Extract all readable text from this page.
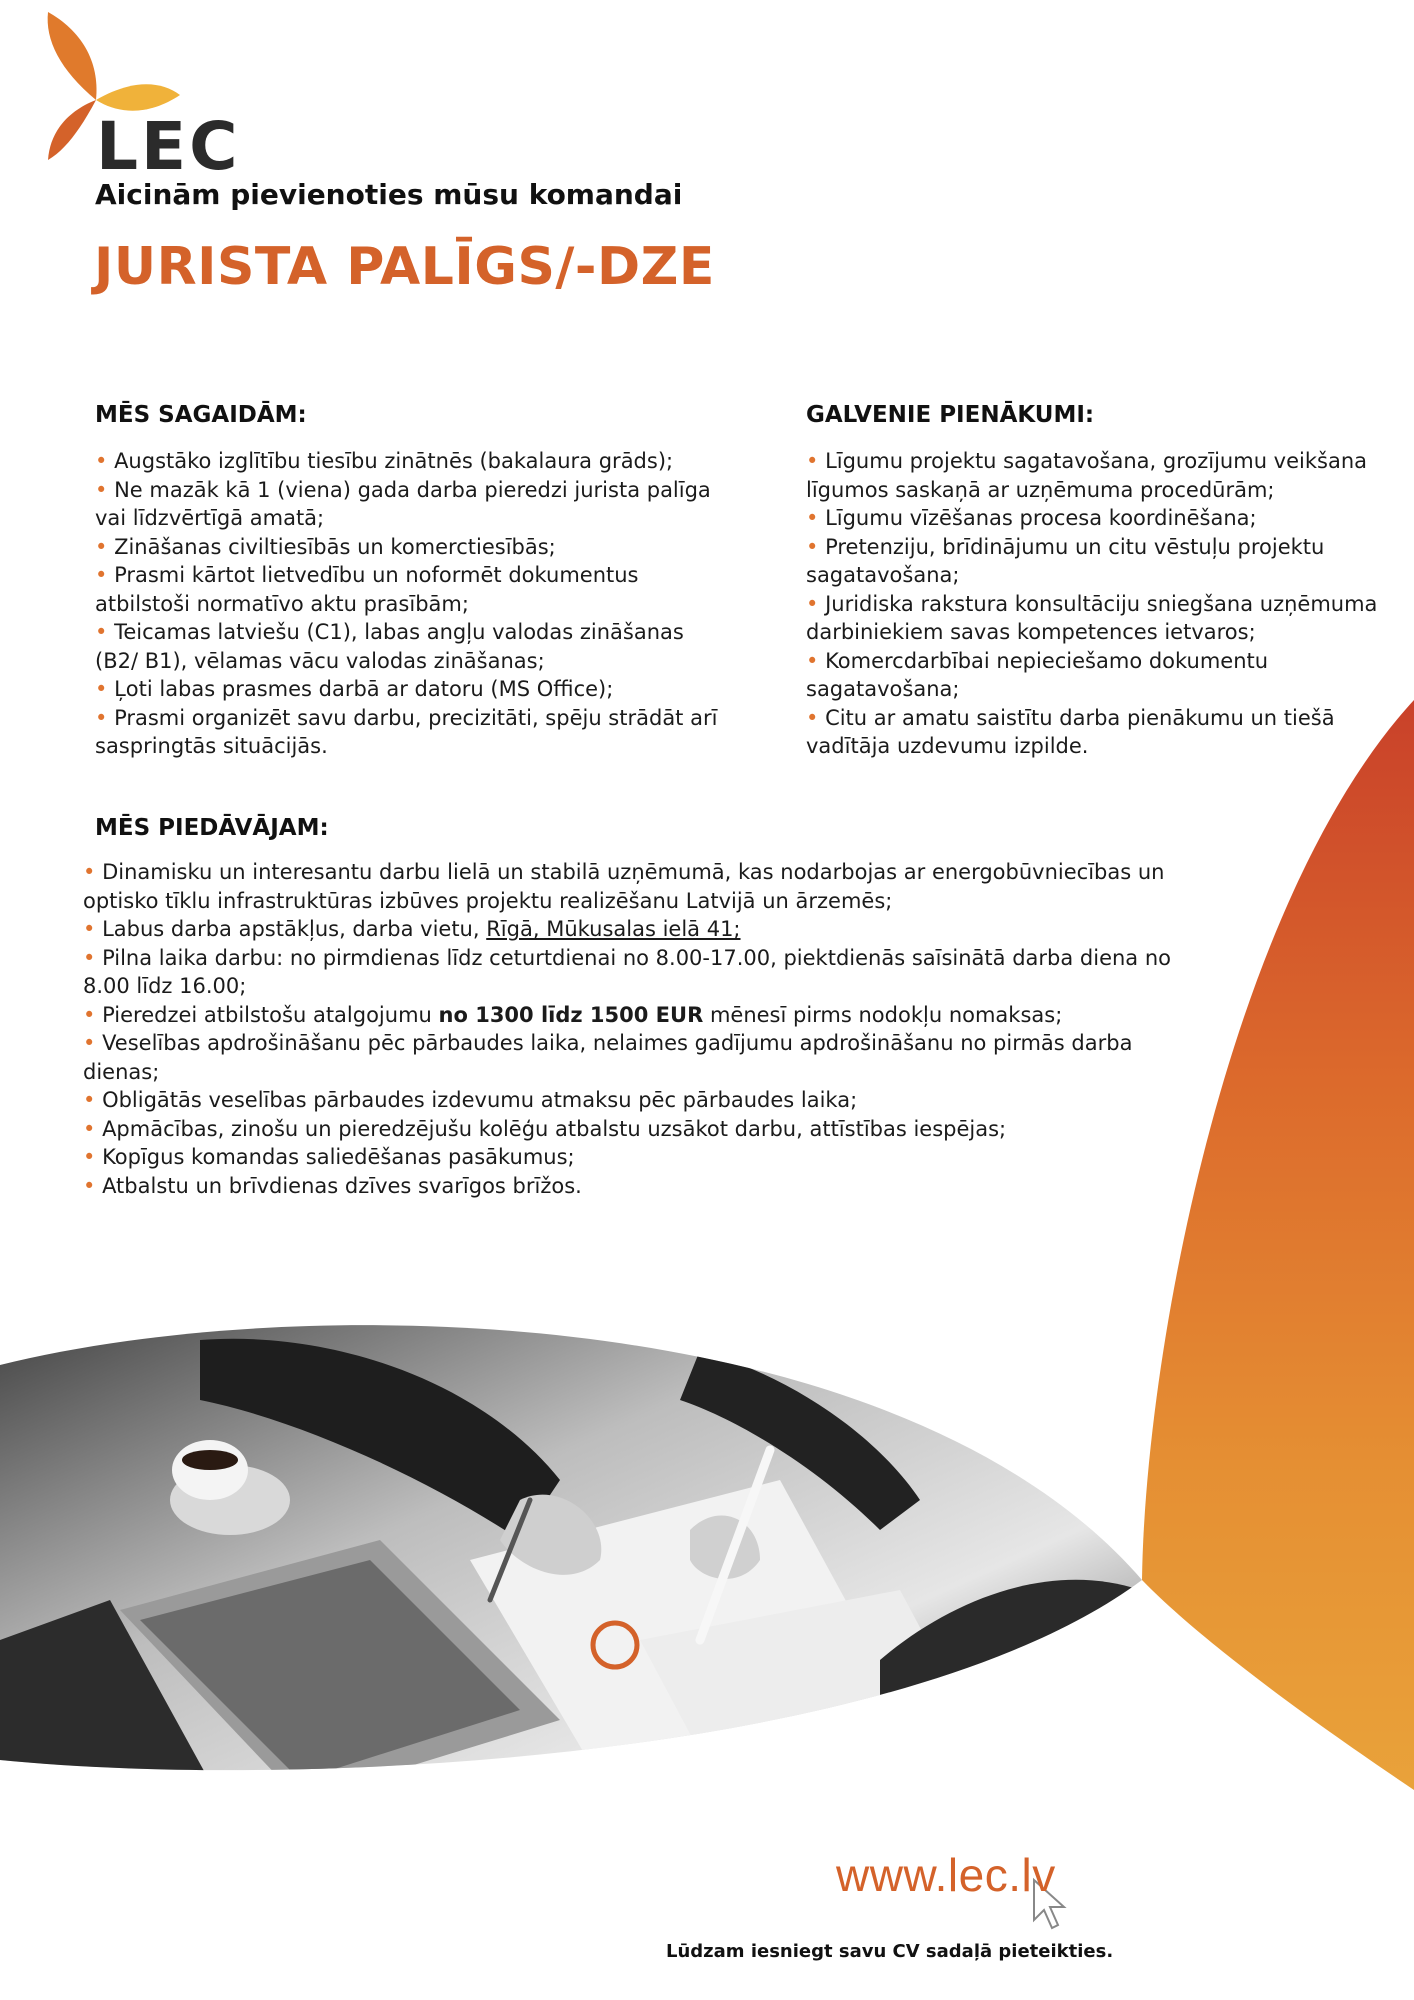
LEC
Aicinām pievienoties mūsu komandai
JURISTA PALĪGS/-DZE
MĒS SAGAIDĀM:
• Augstāko izglītību tiesību zinātnēs (bakalaura grāds);
• Ne mazāk kā 1 (viena) gada darba pieredzi jurista palīga vai līdzvērtīgā amatā;
• Zināšanas civiltiesībās un komerctiesībās;
• Prasmi kārtot lietvedību un noformēt dokumentus atbilstoši normatīvo aktu prasībām;
• Teicamas latviešu (C1), labas angļu valodas zināšanas (B2/ B1), vēlamas vācu valodas zināšanas;
• Ļoti labas prasmes darbā ar datoru (MS Office);
• Prasmi organizēt savu darbu, precizitāti, spēju strādāt arī saspringtās situācijās.
GALVENIE PIENĀKUMI:
• Līgumu projektu sagatavošana, grozījumu veikšana līgumos saskaņā ar uzņēmuma procedūrām;
• Līgumu vīzēšanas procesa koordinēšana;
• Pretenziju, brīdinājumu un citu vēstuļu projektu sagatavošana;
• Juridiska rakstura konsultāciju sniegšana uzņēmuma darbiniekiem savas kompetences ietvaros;
• Komercdarbībai nepieciešamo dokumentu sagatavošana;
• Citu ar amatu saistītu darba pienākumu un tiešā vadītāja uzdevumu izpilde.
MĒS PIEDĀVĀJAM:
• Dinamisku un interesantu darbu lielā un stabilā uzņēmumā, kas nodarbojas ar energobūvniecības un optisko tīklu infrastruktūras izbūves projektu realizēšanu Latvijā un ārzemēs;
• Labus darba apstākļus, darba vietu, Rīgā, Mūkusalas ielā 41;
• Pilna laika darbu: no pirmdienas līdz ceturtdienai no 8.00-17.00, piektdienās saīsinātā darba diena no 8.00 līdz 16.00;
• Pieredzei atbilstošu atalgojumu no 1300 līdz 1500 EUR mēnesī pirms nodokļu nomaksas;
• Veselības apdrošināšanu pēc pārbaudes laika, nelaimes gadījumu apdrošināšanu no pirmās darba dienas;
• Obligātās veselības pārbaudes izdevumu atmaksu pēc pārbaudes laika;
• Apmācības, zinošu un pieredzējušu kolēģu atbalstu uzsākot darbu, attīstības iespējas;
• Kopīgus komandas saliedēšanas pasākumus;
• Atbalstu un brīvdienas dzīves svarīgos brīžos.
www.lec.lv
Lūdzam iesniegt savu CV sadaļā pieteikties.
